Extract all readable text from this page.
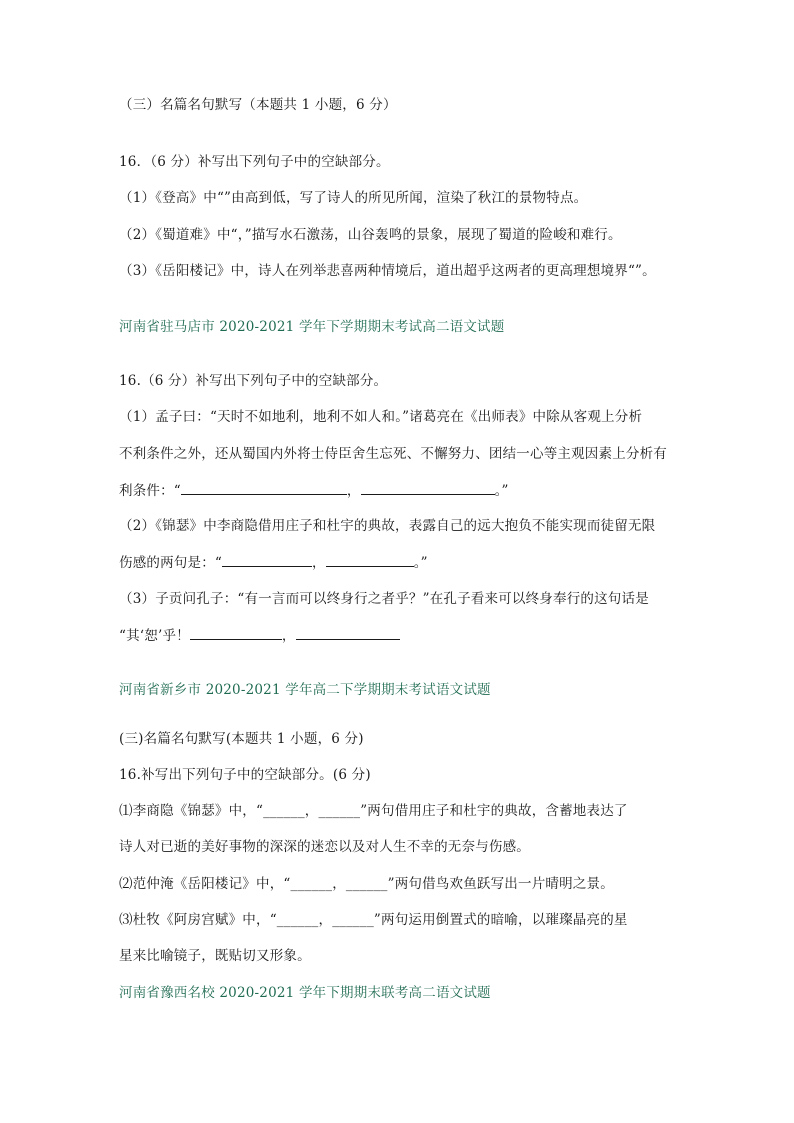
（三）名篇名句默写（本题共 1 小题，6 分）
16．（6 分）补写出下列句子中的空缺部分。
（1）《登高》中“”由高到低，写了诗人的所见所闻，渲染了秋江的景物特点。
（2）《蜀道难》中“，”描写水石激荡，山谷轰鸣的景象，展现了蜀道的险峻和难行。
（3）《岳阳楼记》中，诗人在列举悲喜两种情境后，道出超乎这两者的更高理想境界“”。
河南省驻马店市 2020-2021 学年下学期期末考试高二语文试题
16.（6 分）补写出下列句子中的空缺部分。
（1）孟子曰：“天时不如地利，地利不如人和。”诸葛亮在《出师表》中除从客观上分析
不利条件之外，还从蜀国内外将士侍臣舍生忘死、不懈努力、团结一心等主观因素上分析有
利条件：“	，	。”
（2）《锦瑟》中李商隐借用庄子和杜宇的典故，表露自己的远大抱负不能实现而徒留无限
伤感的两句是：“	，	。”
（3）子贡问孔子：“有一言而可以终身行之者乎？”在孔子看来可以终身奉行的这句话是
“其‘恕’乎！	，
河南省新乡市 2020-2021 学年高二下学期期末考试语文试题
(三)名篇名句默写(本题共 1 小题，6 分)
16.补写出下列句子中的空缺部分。(6 分)
⑴李商隐《锦瑟》中，“______，______”两句借用庄子和杜宇的典故，含蓄地表达了
诗人对已逝的美好事物的深深的迷恋以及对人生不幸的无奈与伤感。
⑵范仲淹《岳阳楼记》中，“______，______”两句借鸟欢鱼跃写出一片晴明之景。
⑶杜牧《阿房宫赋》中，“______，______”两句运用倒置式的暗喻，以璀璨晶亮的星
星来比喻镜子，既贴切又形象。
河南省豫西名校 2020-2021 学年下期期末联考高二语文试题
